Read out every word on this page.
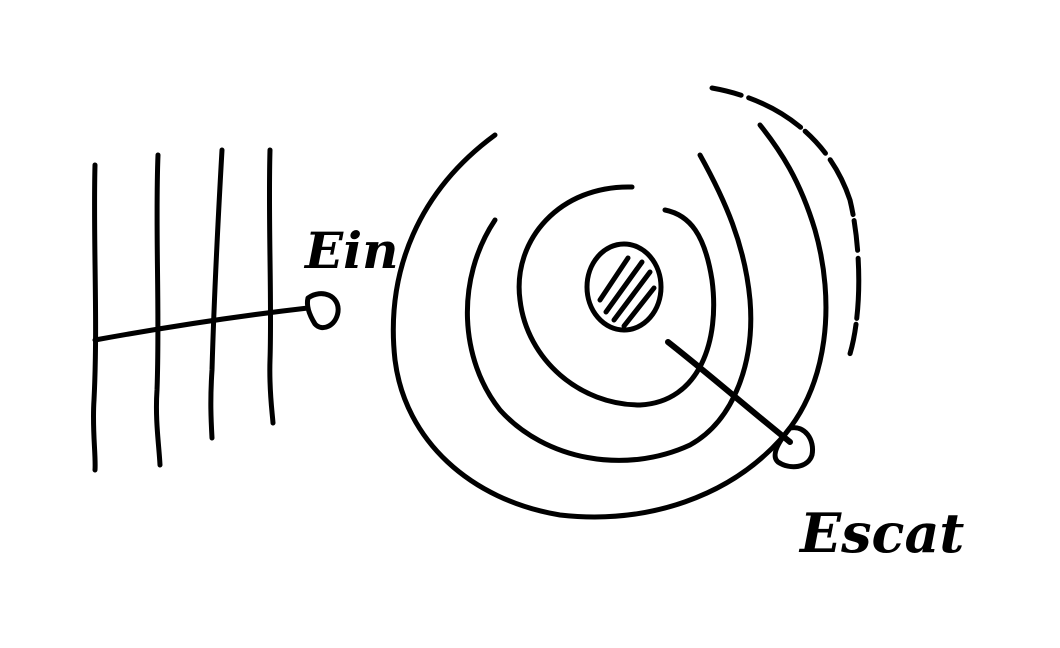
Ein
Escat
